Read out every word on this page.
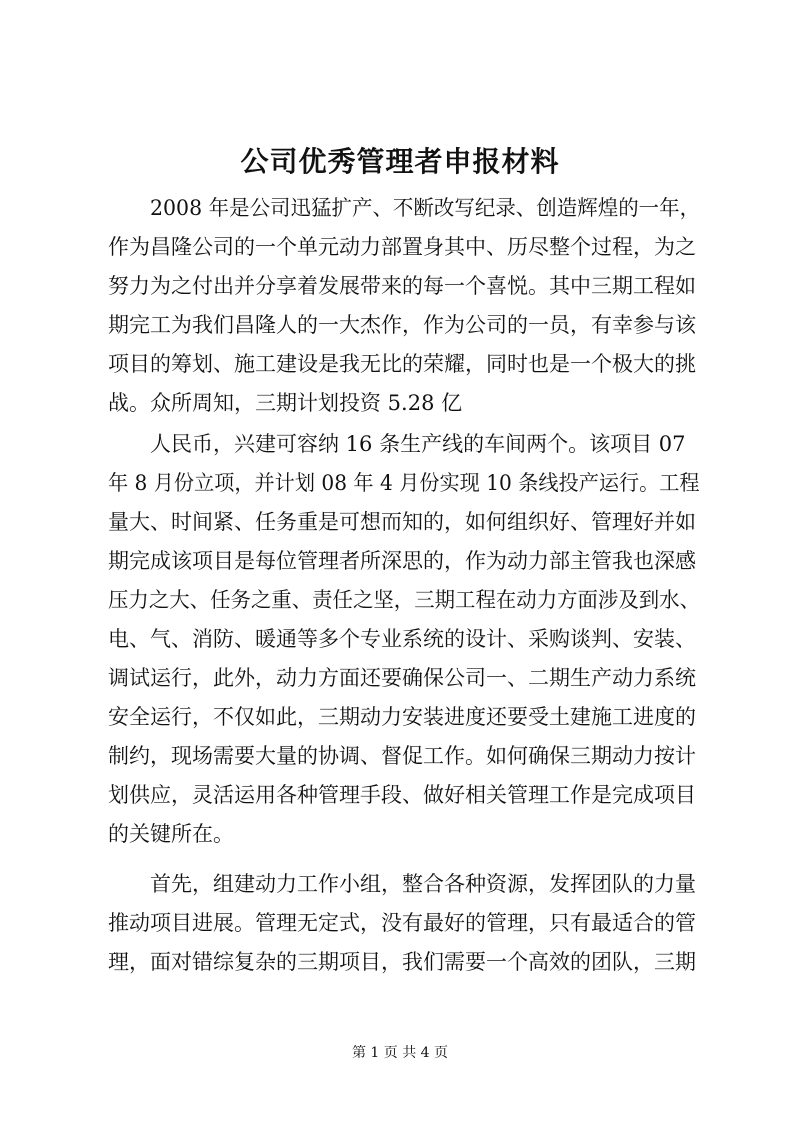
公司优秀管理者申报材料
2008 年是公司迅猛扩产、不断改写纪录、创造辉煌的一年，
作为昌隆公司的一个单元动力部置身其中、历尽整个过程，为之
努力为之付出并分享着发展带来的每一个喜悦。其中三期工程如
期完工为我们昌隆人的一大杰作，作为公司的一员，有幸参与该
项目的筹划、施工建设是我无比的荣耀，同时也是一个极大的挑
战。众所周知，三期计划投资 5.28 亿
人民币，兴建可容纳 16 条生产线的车间两个。该项目 07
年 8 月份立项，并计划 08 年 4 月份实现 10 条线投产运行。工程
量大、时间紧、任务重是可想而知的，如何组织好、管理好并如
期完成该项目是每位管理者所深思的，作为动力部主管我也深感
压力之大、任务之重、责任之坚，三期工程在动力方面涉及到水、
电、气、消防、暖通等多个专业系统的设计、采购谈判、安装、
调试运行，此外，动力方面还要确保公司一、二期生产动力系统
安全运行，不仅如此，三期动力安装进度还要受土建施工进度的
制约，现场需要大量的协调、督促工作。如何确保三期动力按计
划供应，灵活运用各种管理手段、做好相关管理工作是完成项目
的关键所在。
首先，组建动力工作小组，整合各种资源，发挥团队的力量
推动项目进展。管理无定式，没有最好的管理，只有最适合的管
理，面对错综复杂的三期项目，我们需要一个高效的团队，三期
第 1 页 共 4 页
